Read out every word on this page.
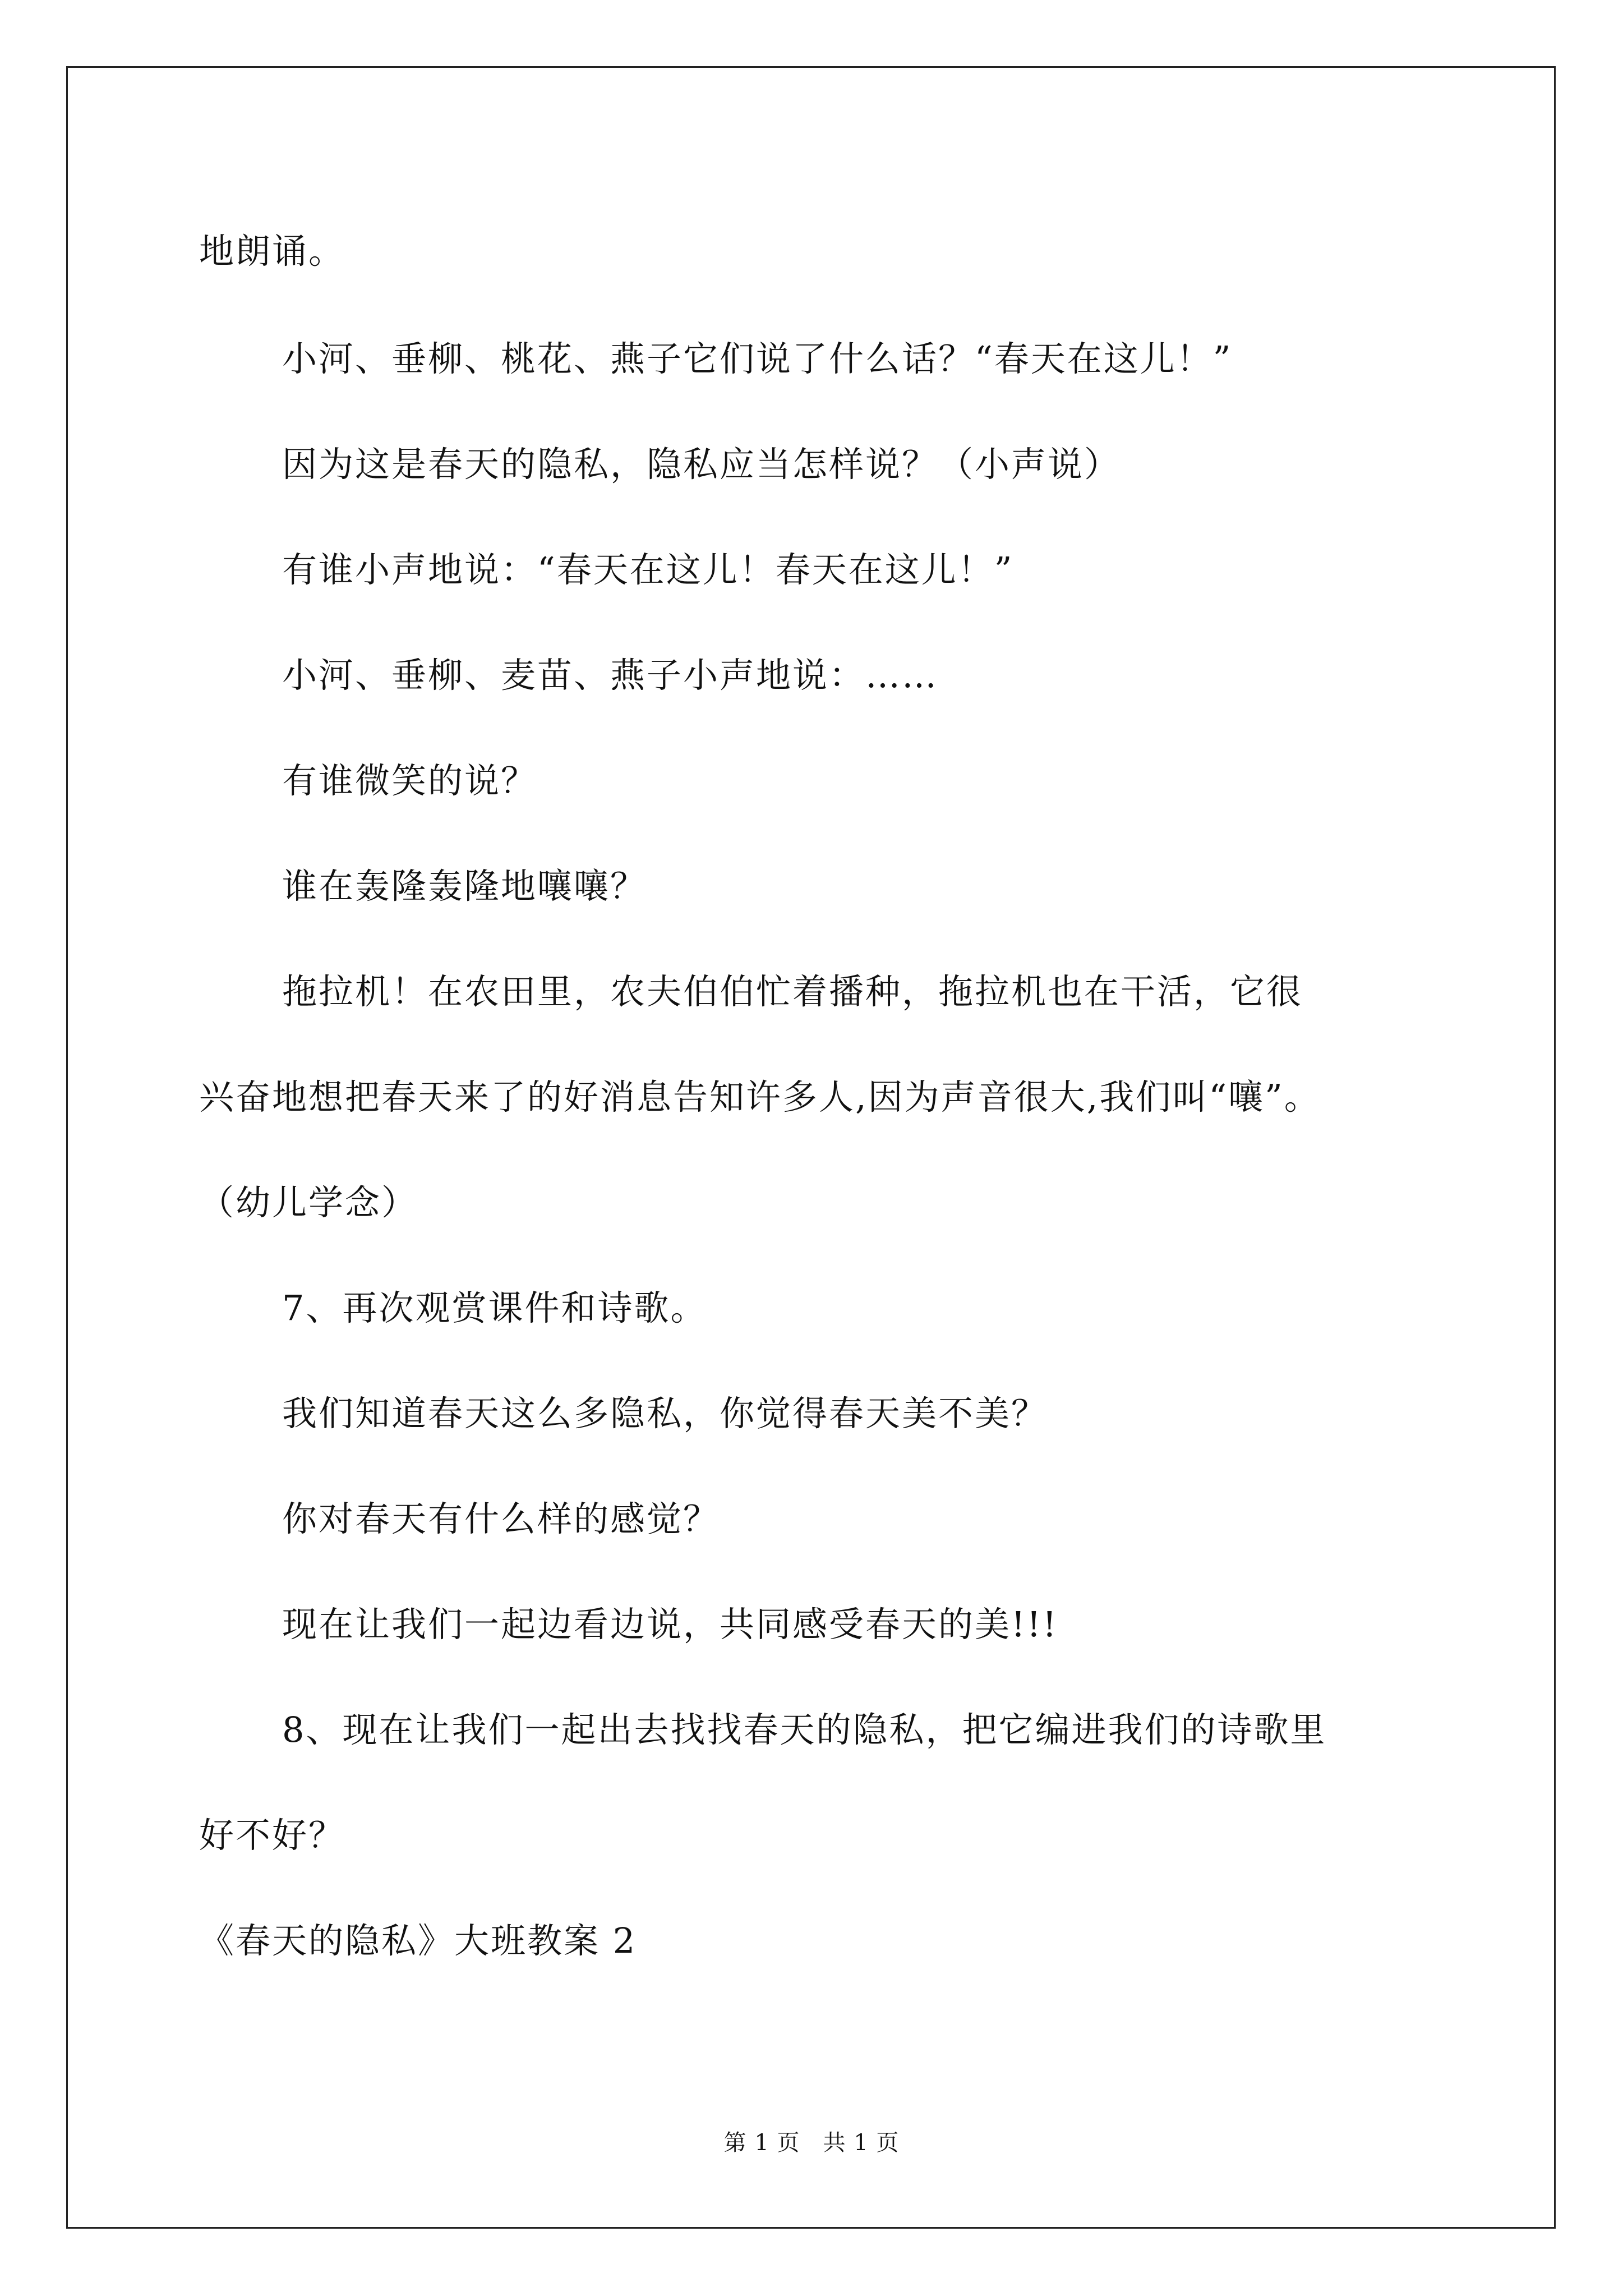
地朗诵。
小河、垂柳、桃花、燕子它们说了什么话？“春天在这儿！”
因为这是春天的隐私，隐私应当怎样说？（小声说）
有谁小声地说：“春天在这儿！春天在这儿！”
小河、垂柳、麦苗、燕子小声地说：……
有谁微笑的说？
谁在轰隆轰隆地嚷嚷？
拖拉机！在农田里，农夫伯伯忙着播种，拖拉机也在干活，它很
兴奋地想把春天来了的好消息告知许多人,因为声音很大,我们叫“嚷”。
（幼儿学念）
7、再次观赏课件和诗歌。
我们知道春天这么多隐私，你觉得春天美不美？
你对春天有什么样的感觉？
现在让我们一起边看边说，共同感受春天的美!!!
8、现在让我们一起出去找找春天的隐私，把它编进我们的诗歌里
好不好？
《春天的隐私》大班教案 2
第 1 页　共 1 页
